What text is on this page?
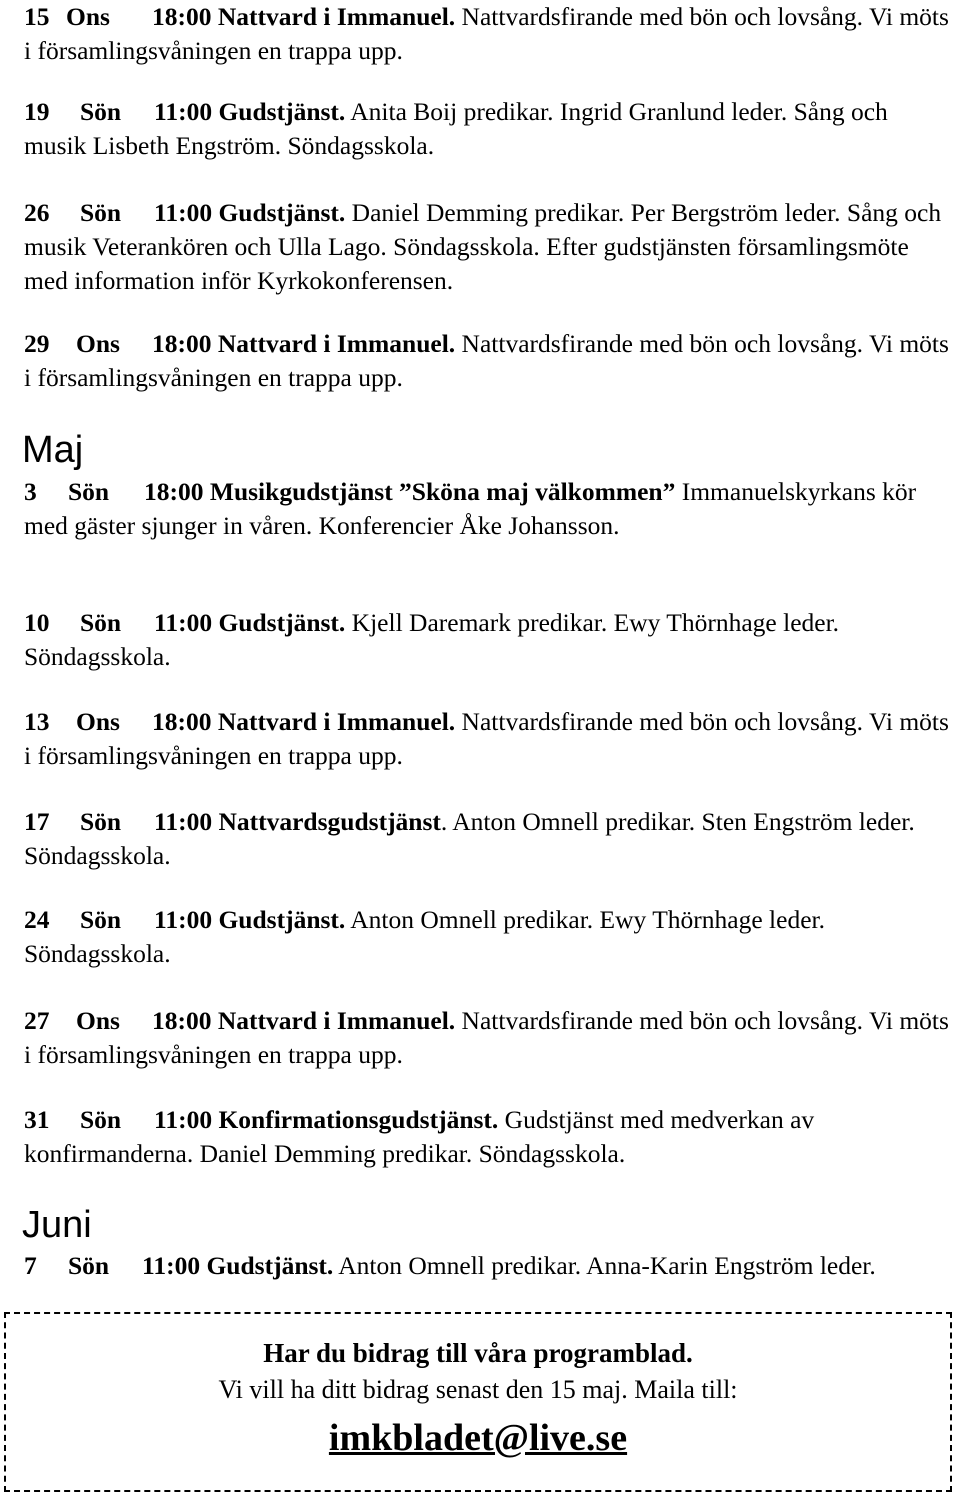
15 Ons 18:00 Nattvard i Immanuel. Nattvardsfirande med bön och lovsång. Vi möts i församlingsvåningen en trappa upp.
19 Sön 11:00 Gudstjänst. Anita Boij predikar. Ingrid Granlund leder. Sång och musik Lisbeth Engström. Söndagsskola.
26 Sön 11:00 Gudstjänst. Daniel Demming predikar. Per Bergström leder. Sång och musik Veterankören och Ulla Lago. Söndagsskola. Efter gudstjänsten församlingsmöte med information inför Kyrkokonferensen.
29 Ons 18:00 Nattvard i Immanuel. Nattvardsfirande med bön och lovsång. Vi möts i församlingsvåningen en trappa upp.
Maj
3 Sön 18:00 Musikgudstjänst ”Sköna maj välkommen” Immanuelskyrkans kör med gäster sjunger in våren. Konferencier Åke Johansson.
10 Sön 11:00 Gudstjänst. Kjell Daremark predikar. Ewy Thörnhage leder. Söndagsskola.
13 Ons 18:00 Nattvard i Immanuel. Nattvardsfirande med bön och lovsång. Vi möts i församlingsvåningen en trappa upp.
17 Sön 11:00 Nattvardsgudstjänst. Anton Omnell predikar. Sten Engström leder. Söndagsskola.
24 Sön 11:00 Gudstjänst. Anton Omnell predikar. Ewy Thörnhage leder. Söndagsskola.
27 Ons 18:00 Nattvard i Immanuel. Nattvardsfirande med bön och lovsång. Vi möts i församlingsvåningen en trappa upp.
31 Sön 11:00 Konfirmationsgudstjänst. Gudstjänst med medverkan av konfirmanderna. Daniel Demming predikar. Söndagsskola.
Juni
7 Sön 11:00 Gudstjänst. Anton Omnell predikar. Anna-Karin Engström leder.
Har du bidrag till våra programblad.
Vi vill ha ditt bidrag senast den 15 maj. Maila till:
imkbladet@live.se
